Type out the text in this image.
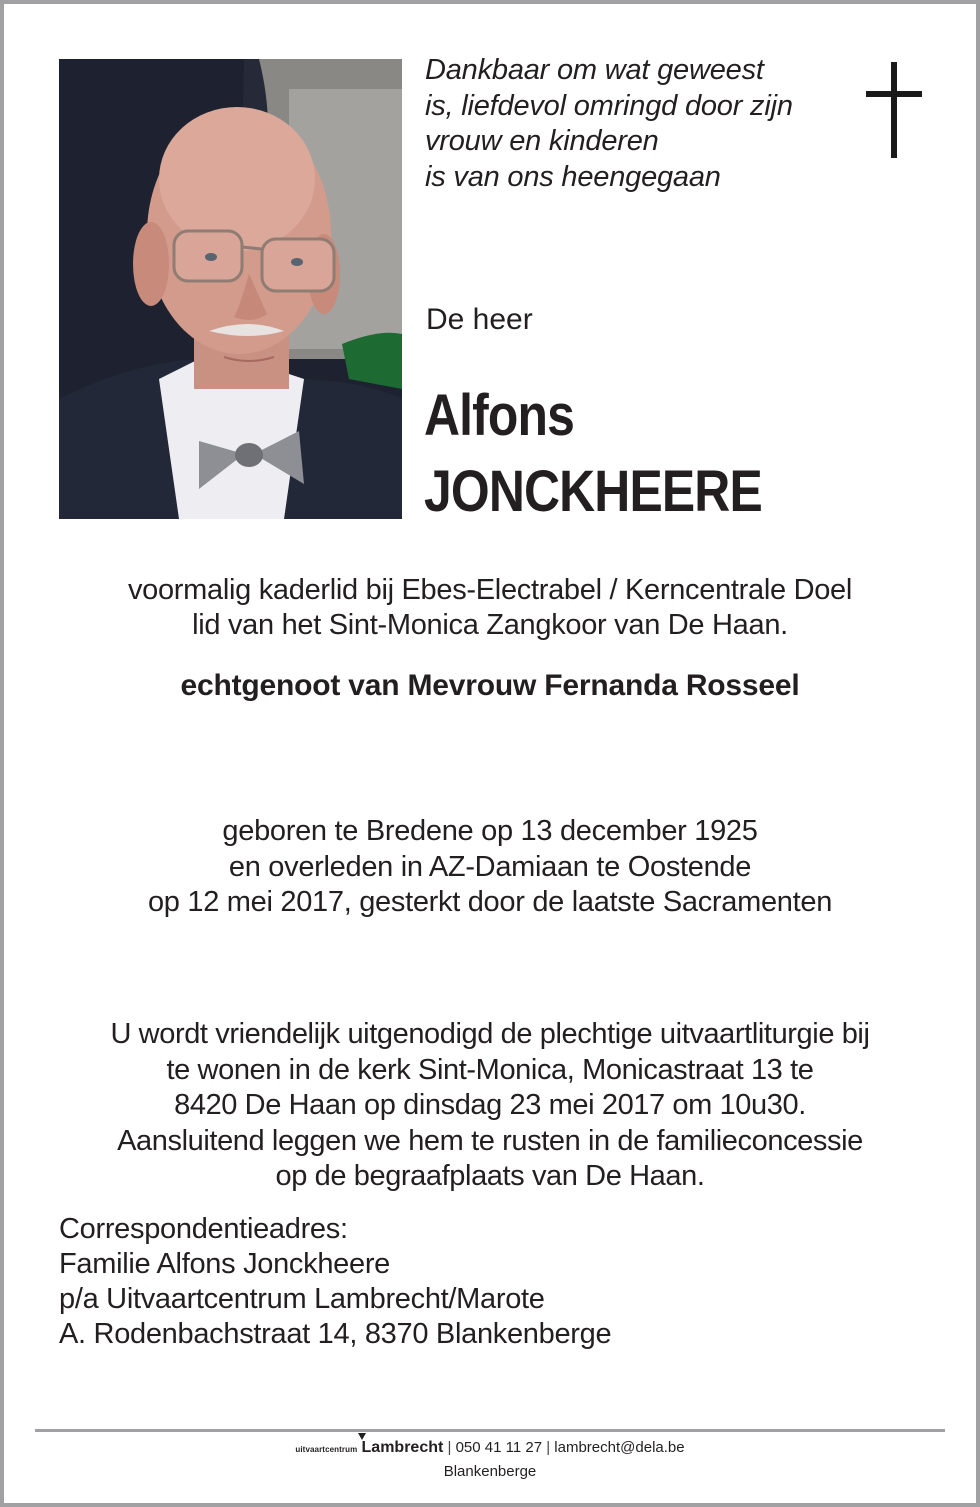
Dankbaar om wat geweest
is, liefdevol omringd door zijn
vrouw en kinderen
is van ons heengegaan
De heer
Alfons
JONCKHEERE
voormalig kaderlid bij Ebes-Electrabel / Kerncentrale Doel
lid van het Sint-Monica Zangkoor van De Haan.
echtgenoot van Mevrouw Fernanda Rosseel
geboren te Bredene op 13 december 1925
en overleden in AZ-Damiaan te Oostende
op 12 mei 2017, gesterkt door de laatste Sacramenten
U wordt vriendelijk uitgenodigd de plechtige uitvaartliturgie bij
te wonen in de kerk Sint-Monica, Monicastraat 13 te
8420 De Haan op dinsdag 23 mei 2017 om 10u30.
Aansluitend leggen we hem te rusten in de familieconcessie
op de begraafplaats van De Haan.
Correspondentieadres:
Familie Alfons Jonckheere
p/a Uitvaartcentrum Lambrecht/Marote
A. Rodenbachstraat 14, 8370 Blankenberge
uitvaartcentrum Lambrecht | 050 41 11 27 | lambrecht@dela.be
Blankenberge
